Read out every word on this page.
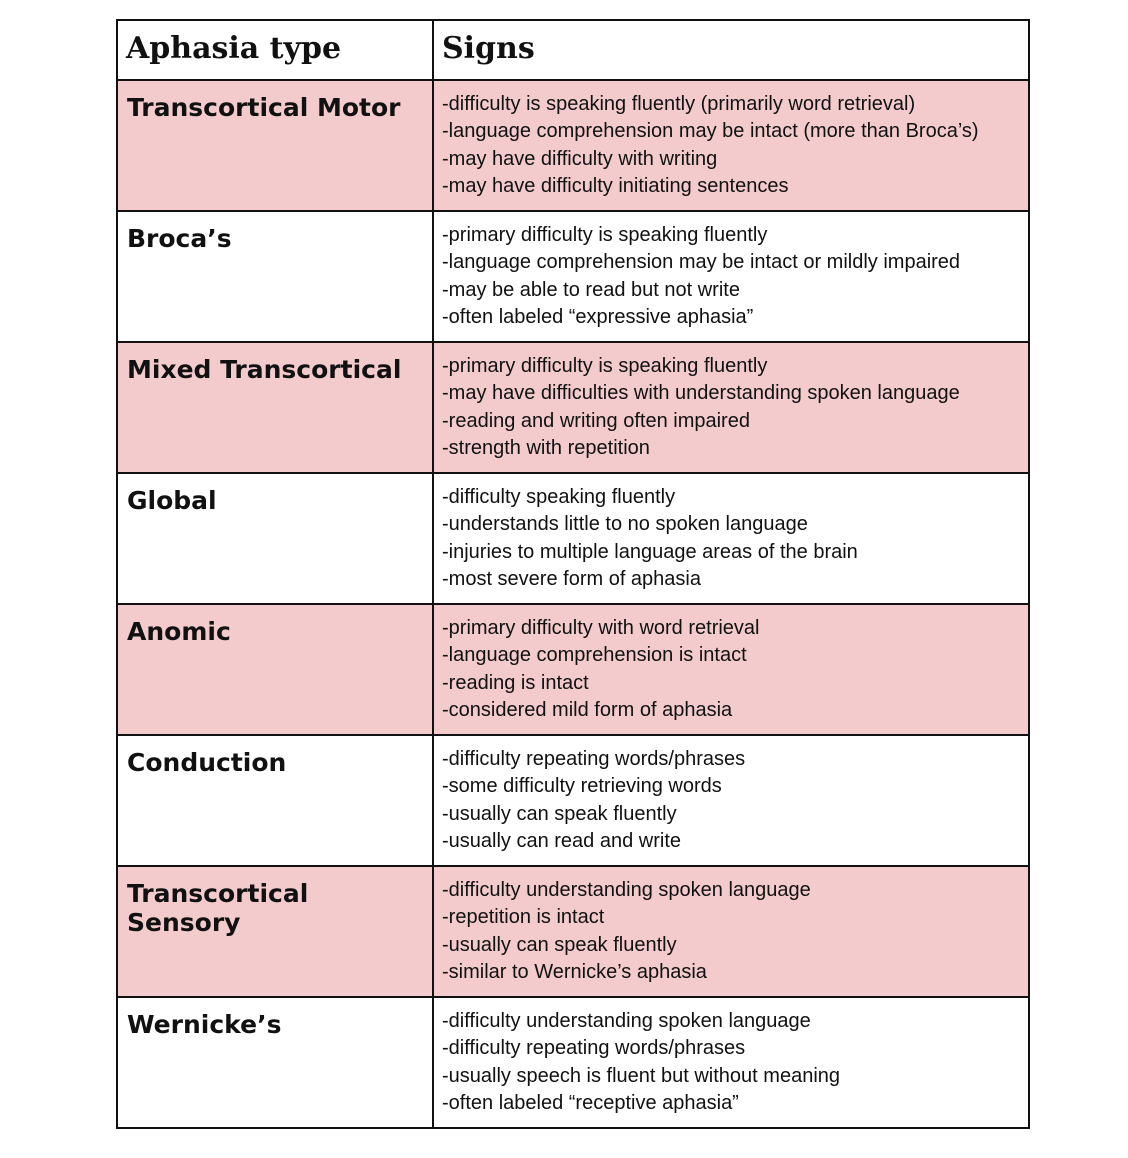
Aphasia type	Signs
Transcortical Motor	-difficulty is speaking fluently (primarily word retrieval)
-language comprehension may be intact (more than Broca’s)
-may have difficulty with writing
-may have difficulty initiating sentences

Broca’s	-primary difficulty is speaking fluently
-language comprehension may be intact or mildly impaired
-may be able to read but not write
-often labeled “expressive aphasia”

Mixed Transcortical	-primary difficulty is speaking fluently
-may have difficulties with understanding spoken language
-reading and writing often impaired
-strength with repetition

Global	-difficulty speaking fluently
-understands little to no spoken language
-injuries to multiple language areas of the brain
-most severe form of aphasia

Anomic	-primary difficulty with word retrieval
-language comprehension is intact
-reading is intact
-considered mild form of aphasia

Conduction	-difficulty repeating words/phrases
-some difficulty retrieving words
-usually can speak fluently
-usually can read and write

Transcortical Sensory	-difficulty understanding spoken language
-repetition is intact
-usually can speak fluently
-similar to Wernicke’s aphasia

Wernicke’s	-difficulty understanding spoken language
-difficulty repeating words/phrases
-usually speech is fluent but without meaning
-often labeled “receptive aphasia”
